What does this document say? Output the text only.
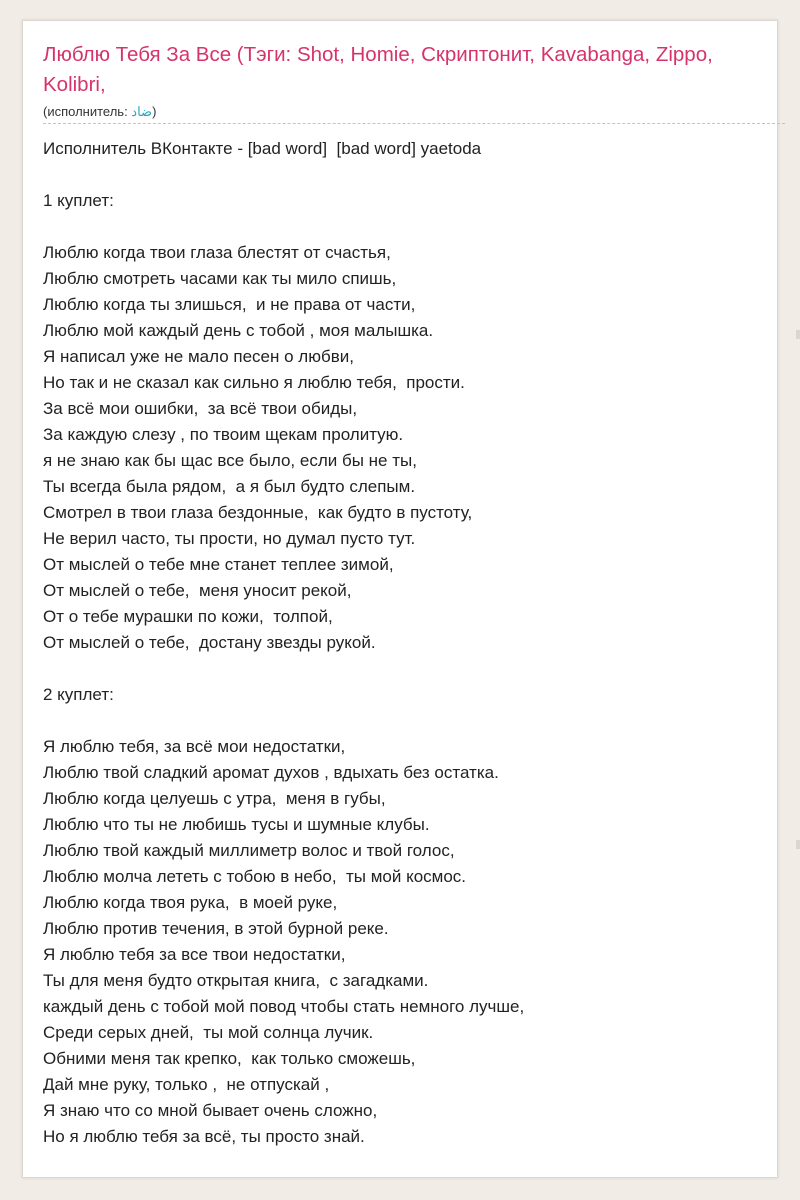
Люблю Тебя За Все (Тэги: Shot, Homie, Скриптонит, Kavabanga, Zippo, Kolibri,
(исполнитель: ﺿﺎﺩ)
Исполнитель ВКонтакте - [bad word]  [bad word] yaetoda
1 куплет:
Люблю когда твои глаза блестят от счастья,
Люблю смотреть часами как ты мило спишь,
Люблю когда ты злишься,  и не права от части,
Люблю мой каждый день с тобой , моя малышка.
Я написал уже не мало песен о любви,
Но так и не сказал как сильно я люблю тебя,  прости.
За всё мои ошибки,  за всё твои обиды,
За каждую слезу , по твоим щекам пролитую.
я не знаю как бы щас все было, если бы не ты,
Ты всегда была рядом,  а я был будто слепым.
Смотрел в твои глаза бездонные,  как будто в пустоту,
Не верил часто, ты прости, но думал пусто тут.
От мыслей о тебе мне станет теплее зимой,
От мыслей о тебе,  меня уносит рекой,
От о тебе мурашки по кожи,  толпой,
От мыслей о тебе,  достану звезды рукой.
2 куплет:
Я люблю тебя, за всё мои недостатки,
Люблю твой сладкий аромат духов , вдыхать без остатка.
Люблю когда целуешь с утра,  меня в губы,
Люблю что ты не любишь тусы и шумные клубы.
Люблю твой каждый миллиметр волос и твой голос,
Люблю молча лететь с тобою в небо,  ты мой космос.
Люблю когда твоя рука,  в моей руке,
Люблю против течения, в этой бурной реке.
Я люблю тебя за все твои недостатки,
Ты для меня будто открытая книга,  с загадками.
каждый день с тобой мой повод чтобы стать немного лучше,
Среди серых дней,  ты мой солнца лучик.
Обними меня так крепко,  как только сможешь,
Дай мне руку, только ,  не отпускай ,
Я знаю что со мной бывает очень сложно,
Но я люблю тебя за всё, ты просто знай.
